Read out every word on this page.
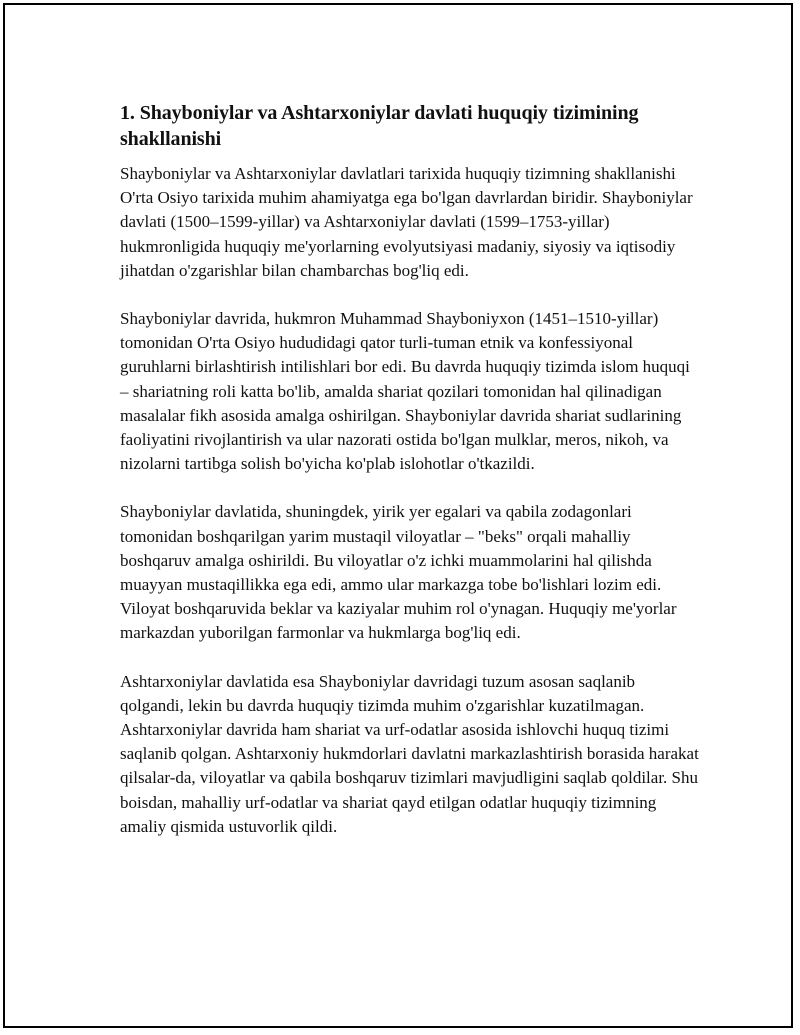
1. Shayboniylar va Ashtarxoniylar davlati huquqiy tizimining shakllanishi

Shayboniylar va Ashtarxoniylar davlatlari tarixida huquqiy tizimning shakllanishi O'rta Osiyo tarixida muhim ahamiyatga ega bo'lgan davrlardan biridir. Shayboniylar davlati (1500–1599-yillar) va Ashtarxoniylar davlati (1599–1753-yillar) hukmronligida huquqiy me'yorlarning evolyutsiyasi madaniy, siyosiy va iqtisodiy jihatdan o'zgarishlar bilan chambarchas bog'liq edi.

Shayboniylar davrida, hukmron Muhammad Shayboniyxon (1451–1510-yillar) tomonidan O'rta Osiyo hududidagi qator turli-tuman etnik va konfessiyonal guruhlarni birlashtirish intilishlari bor edi. Bu davrda huquqiy tizimda islom huquqi – shariatning roli katta bo'lib, amalda shariat qozilari tomonidan hal qilinadigan masalalar fikh asosida amalga oshirilgan. Shayboniylar davrida shariat sudlarining faoliyatini rivojlantirish va ular nazorati ostida bo'lgan mulklar, meros, nikoh, va nizolarni tartibga solish bo'yicha ko'plab islohotlar o'tkazildi.

Shayboniylar davlatida, shuningdek, yirik yer egalari va qabila zodagonlari tomonidan boshqarilgan yarim mustaqil viloyatlar – "beks" orqali mahalliy boshqaruv amalga oshirildi. Bu viloyatlar o'z ichki muammolarini hal qilishda muayyan mustaqillikka ega edi, ammo ular markazga tobe bo'lishlari lozim edi. Viloyat boshqaruvida beklar va kaziyalar muhim rol o'ynagan. Huquqiy me'yorlar markazdan yuborilgan farmonlar va hukmlarga bog'liq edi.

Ashtarxoniylar davlatida esa Shayboniylar davridagi tuzum asosan saqlanib qolgandi, lekin bu davrda huquqiy tizimda muhim o'zgarishlar kuzatilmagan. Ashtarxoniylar davrida ham shariat va urf-odatlar asosida ishlovchi huquq tizimi saqlanib qolgan. Ashtarxoniy hukmdorlari davlatni markazlashtirish borasida harakat qilsalar-da, viloyatlar va qabila boshqaruv tizimlari mavjudligini saqlab qoldilar. Shu boisdan, mahalliy urf-odatlar va shariat qayd etilgan odatlar huquqiy tizimning amaliy qismida ustuvorlik qildi.
